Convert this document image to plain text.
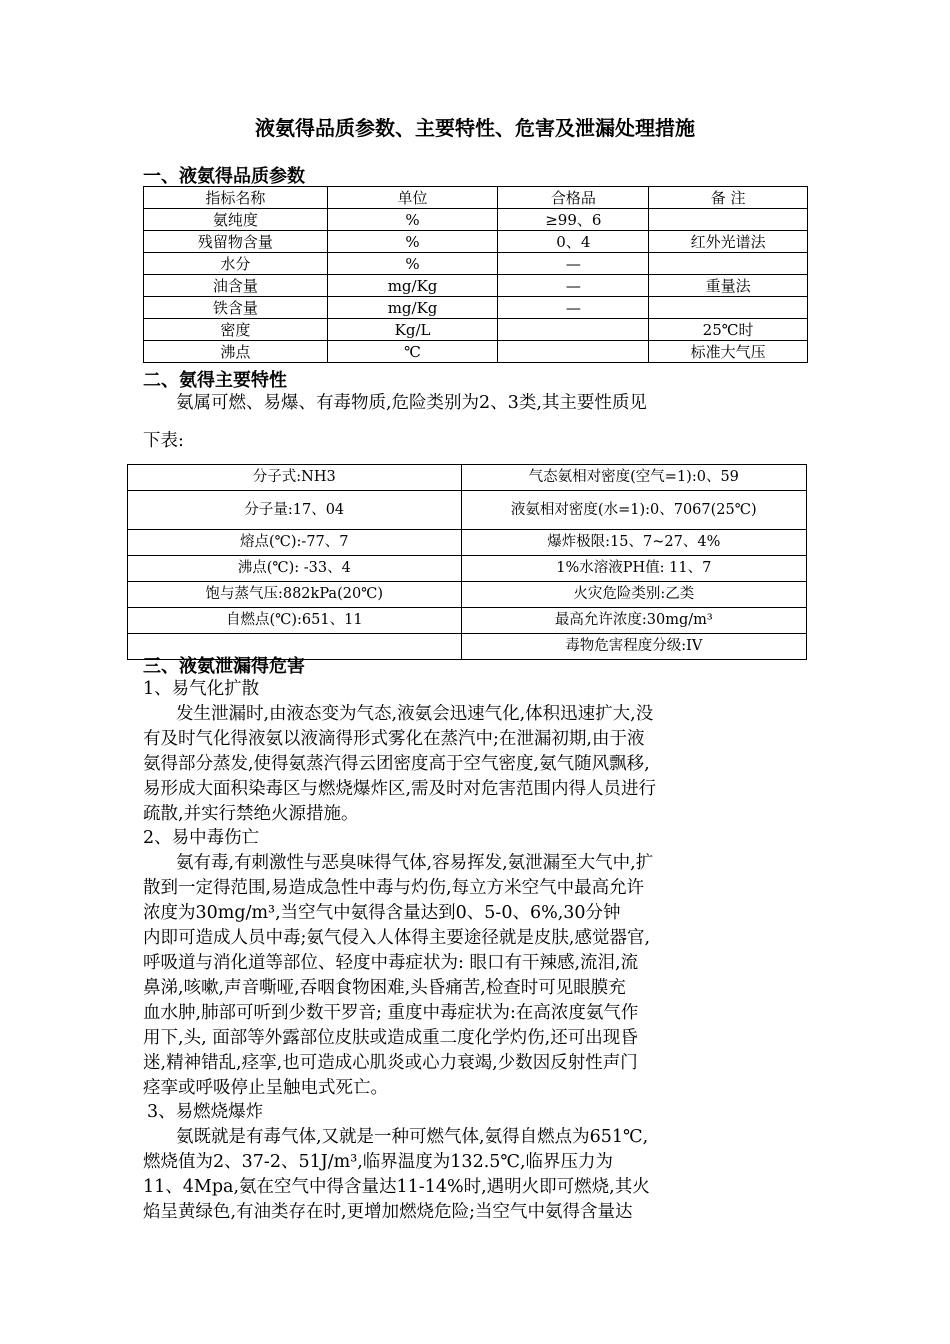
液氨得品质参数、主要特性、危害及泄漏处理措施
一、液氨得品质参数
指标名称	单位	合格品	备 注
氨纯度	%	≥99、6	
残留物含量	%	0、4	红外光谱法
水分	%	—	
油含量	mg/Kg	—	重量法
铁含量	mg/Kg	—	
密度	Kg/L		25℃时
沸点	℃		标准大气压
二、氨得主要特性
氨属可燃、易爆、有毒物质,危险类别为2、3类,其主要性质见
下表:
分子式:NH3	气态氨相对密度(空气=1):0、59
分子量:17、04	液氨相对密度(水=1):0、7067(25℃)
熔点(℃):-77、7	爆炸极限:15、7~27、4%
沸点(℃): -33、4	1%水溶液PH值: 11、7
饱与蒸气压:882kPa(20℃)	火灾危险类别:乙类
自燃点(℃):651、11	最高允许浓度:30mg/m³
	毒物危害程度分级:IV
三、液氨泄漏得危害
1、易气化扩散
发生泄漏时,由液态变为气态,液氨会迅速气化,体积迅速扩大,没
有及时气化得液氨以液滴得形式雾化在蒸汽中;在泄漏初期,由于液
氨得部分蒸发,使得氨蒸汽得云团密度高于空气密度,氨气随风飘移,
易形成大面积染毒区与燃烧爆炸区,需及时对危害范围内得人员进行
疏散,并实行禁绝火源措施。
2、易中毒伤亡
氨有毒,有刺激性与恶臭味得气体,容易挥发,氨泄漏至大气中,扩
散到一定得范围,易造成急性中毒与灼伤,每立方米空气中最高允许
浓度为30mg/m³,当空气中氨得含量达到0、5-0、6%,30分钟
内即可造成人员中毒;氨气侵入人体得主要途径就是皮肤,感觉器官,
呼吸道与消化道等部位、轻度中毒症状为: 眼口有干辣感,流泪,流
鼻涕,咳嗽,声音嘶哑,吞咽食物困难,头昏痛苦,检查时可见眼膜充
血水肿,肺部可听到少数干罗音; 重度中毒症状为:在高浓度氨气作
用下,头, 面部等外露部位皮肤或造成重二度化学灼伤,还可出现昏
迷,精神错乱,痉挛,也可造成心肌炎或心力衰竭,少数因反射性声门
痉挛或呼吸停止呈触电式死亡。
3、易燃烧爆炸
氨既就是有毒气体,又就是一种可燃气体,氨得自燃点为651℃,
燃烧值为2、37-2、51J/m³,临界温度为132.5℃,临界压力为
11、4Mpa,氨在空气中得含量达11-14%时,遇明火即可燃烧,其火
焰呈黄绿色,有油类存在时,更增加燃烧危险;当空气中氨得含量达
